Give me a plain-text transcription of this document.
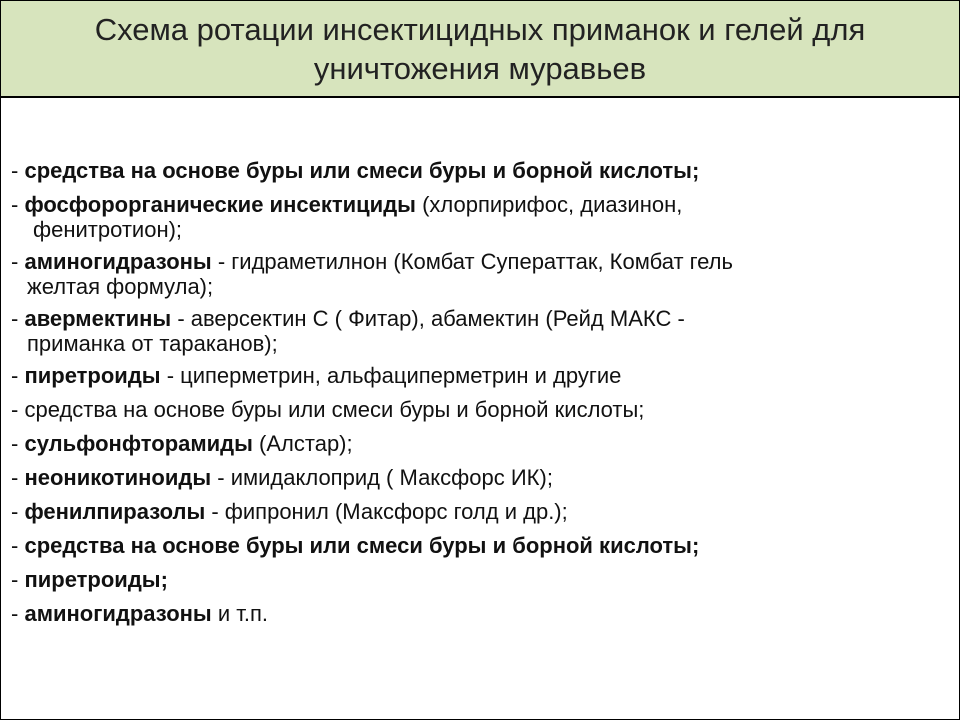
Схема ротации инсектицидных приманок и гелей для
уничтожения муравьев
- средства на основе буры или смеси буры и борной кислоты;
- фосфорорганические инсектициды (хлорпирифос, диазинон,
фенитротион);
- аминогидразоны - гидраметилнон (Комбат Суператтак, Комбат гель
желтая формула);
- авермектины - аверсектин С ( Фитар), абамектин (Рейд МАКС -
приманка от тараканов);
- пиретроиды - циперметрин, альфациперметрин и другие
- средства на основе буры или смеси буры и борной кислоты;
- сульфонфторамиды (Алстар);
- неоникотиноиды - имидаклоприд ( Максфорс ИК);
- фенилпиразолы - фипронил (Максфорс голд и др.);
- средства на основе буры или смеси буры и борной кислоты;
- пиретроиды;
- аминогидразоны и т.п.
